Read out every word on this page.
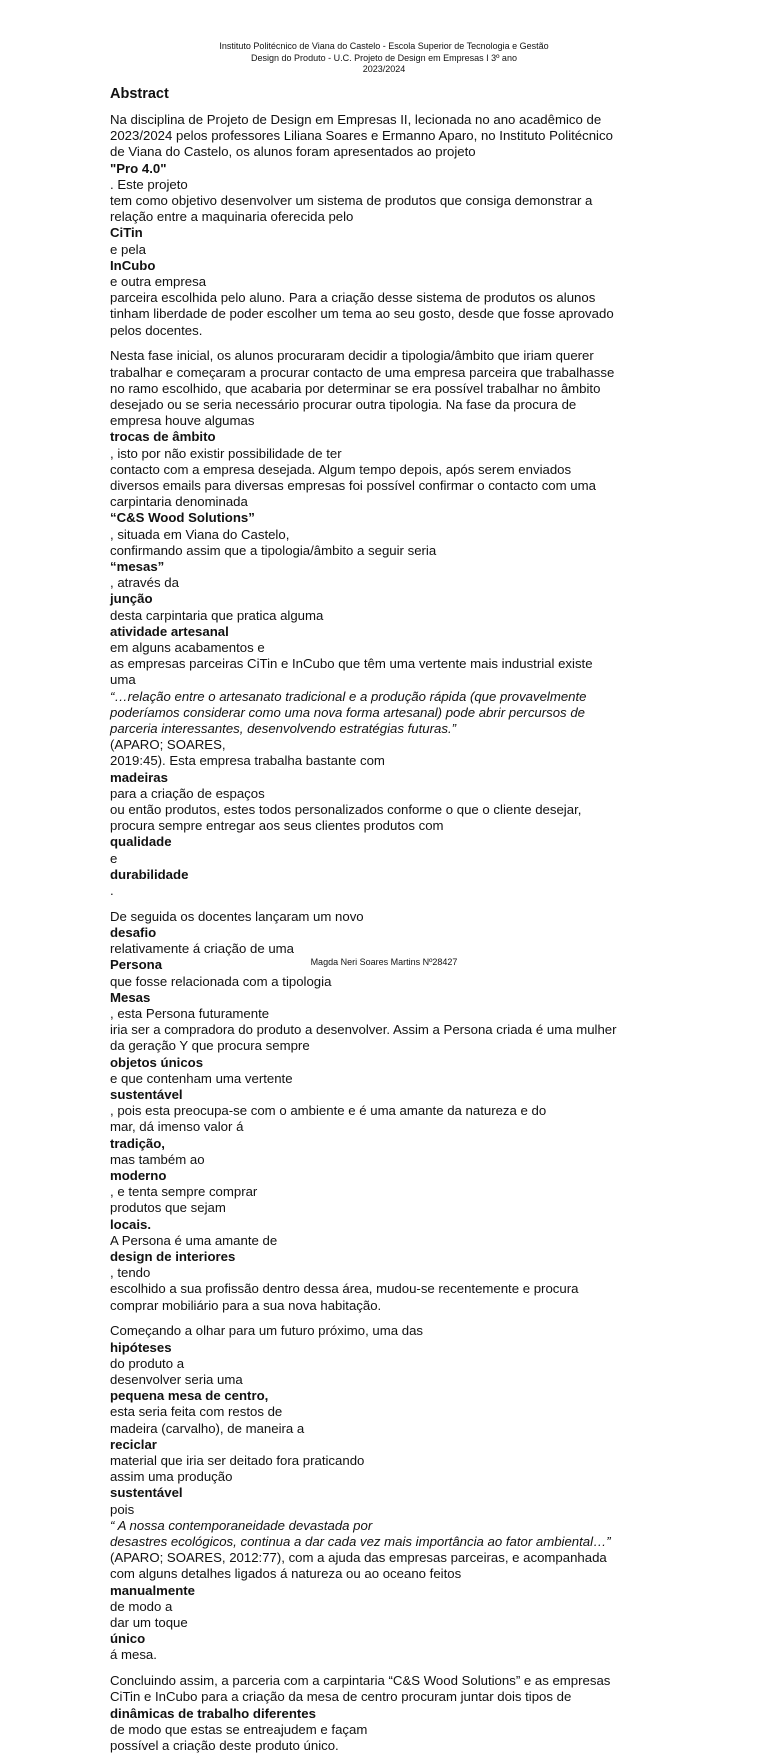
Instituto Politécnico de Viana do Castelo - Escola Superior de Tecnologia e Gestão
Design do Produto - U.C. Projeto de Design em Empresas I 3º ano
2023/2024
Abstract

Na disciplina de Projeto de Design em Empresas II, lecionada no ano acadêmico de
2023/2024 pelos professores Liliana Soares e Ermanno Aparo, no Instituto Politécnico
de Viana do Castelo, os alunos foram apresentados ao projeto
"Pro 4.0"
. Este projeto
tem como objetivo desenvolver um sistema de produtos que consiga demonstrar a
relação entre a maquinaria oferecida pelo
CiTin
e pela
InCubo
e outra empresa
parceira escolhida pelo aluno. Para a criação desse sistema de produtos os alunos
tinham liberdade de poder escolher um tema ao seu gosto, desde que fosse aprovado
pelos docentes.

Nesta fase inicial, os alunos procuraram decidir a tipologia/âmbito que iriam querer
trabalhar e começaram a procurar contacto de uma empresa parceira que trabalhasse
no ramo escolhido, que acabaria por determinar se era possível trabalhar no âmbito
desejado ou se seria necessário procurar outra tipologia. Na fase da procura de
empresa houve algumas
trocas de âmbito
, isto por não existir possibilidade de ter
contacto com a empresa desejada. Algum tempo depois, após serem enviados
diversos emails para diversas empresas foi possível confirmar o contacto com uma
carpintaria denominada
“C&S Wood Solutions”
, situada em Viana do Castelo,
confirmando assim que a tipologia/âmbito a seguir seria
“mesas”
, através da
junção
desta carpintaria que pratica alguma
atividade artesanal
em alguns acabamentos e
as empresas parceiras CiTin e InCubo que têm uma vertente mais industrial existe
uma
“…relação entre o artesanato tradicional e a produção rápida (que provavelmente
poderíamos considerar como uma nova forma artesanal) pode abrir percursos de
parceria interessantes, desenvolvendo estratégias futuras.”
(APARO; SOARES,
2019:45). Esta empresa trabalha bastante com
madeiras
para a criação de espaços
ou então produtos, estes todos personalizados conforme o que o cliente desejar,
procura sempre entregar aos seus clientes produtos com
qualidade
e
durabilidade
.

De seguida os docentes lançaram um novo
desafio
relativamente á criação de uma
Persona
que fosse relacionada com a tipologia
Mesas
, esta Persona futuramente
iria ser a compradora do produto a desenvolver. Assim a Persona criada é uma mulher
da geração Y que procura sempre
objetos únicos
e que contenham uma vertente
sustentável
, pois esta preocupa-se com o ambiente e é uma amante da natureza e do
mar, dá imenso valor á
tradição,
mas também ao
moderno
, e tenta sempre comprar
produtos que sejam
locais.
A Persona é uma amante de
design de interiores
, tendo
escolhido a sua profissão dentro dessa área, mudou-se recentemente e procura
comprar mobiliário para a sua nova habitação.

Começando a olhar para um futuro próximo, uma das
hipóteses
do produto a
desenvolver seria uma
pequena mesa de centro,
esta seria feita com restos de
madeira (carvalho), de maneira a
reciclar
material que iria ser deitado fora praticando
assim uma produção
sustentável
pois
“ A nossa contemporaneidade devastada por
desastres ecológicos, continua a dar cada vez mais importância ao fator ambiental…”
(APARO; SOARES, 2012:77), com a ajuda das empresas parceiras, e acompanhada
com alguns detalhes ligados á natureza ou ao oceano feitos
manualmente
de modo a
dar um toque
único
á mesa.

Concluindo assim, a parceria com a carpintaria “C&S Wood Solutions” e as empresas
CiTin e InCubo para a criação da mesa de centro procuram juntar dois tipos de
dinâmicas de trabalho diferentes
de modo que estas se entreajudem e façam
possível a criação deste produto único.

Magda Neri Soares Martins Nº28427
